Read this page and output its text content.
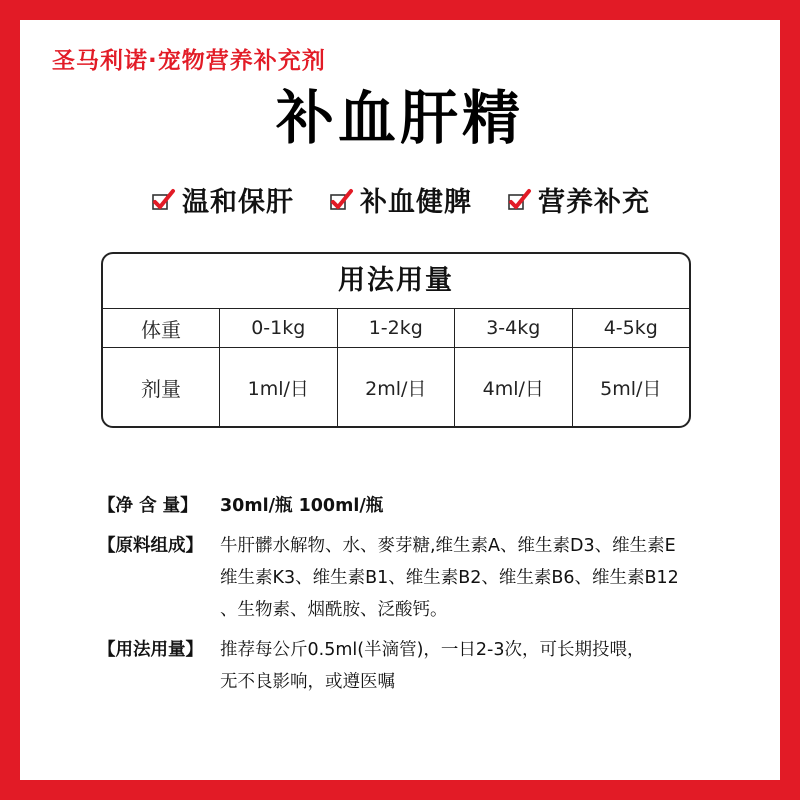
圣马利诺·宠物营养补充剂
补血肝精
温和保肝 补血健脾 营养补充
用法用量
体重	0-1kg	1-2kg	3-4kg	4-5kg
剂量	1ml/日	2ml/日	4ml/日	5ml/日
【净 含 量】	30ml/瓶 100ml/瓶
【原料组成】 牛肝髒水解物、水、麥芽糖,维生素A、维生素D3、维生素E
维生素K3、维生素B1、维生素B2、维生素B6、维生素B12
、生物素、烟酰胺、泛酸钙。
【用法用量】 推荐每公斤0.5ml(半滴管)，一日2-3次，可长期投喂，
无不良影响，或遵医嘱
